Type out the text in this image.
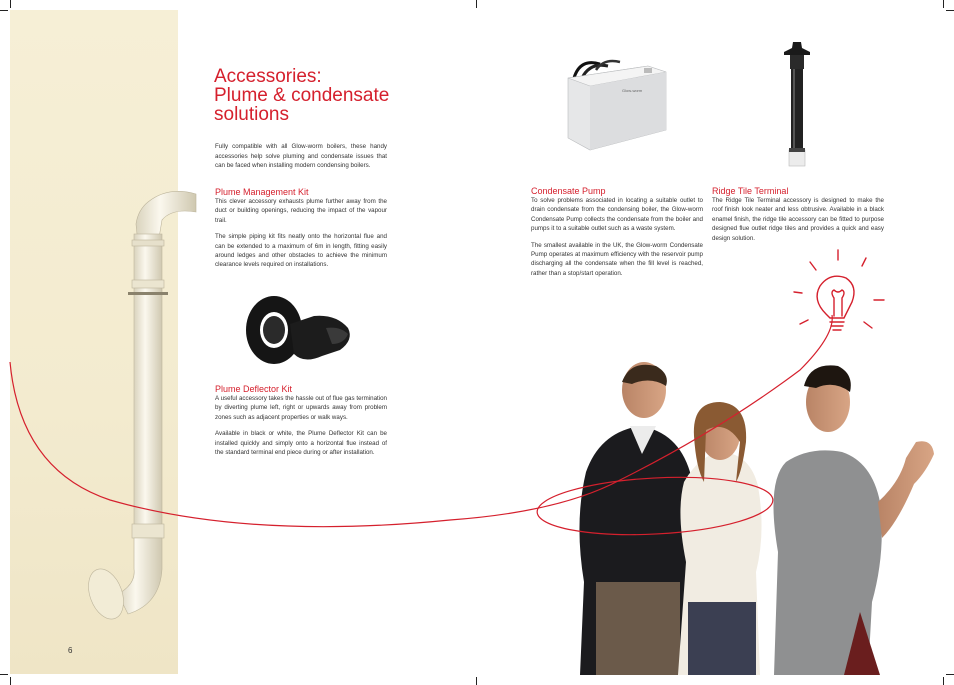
Accessories:
Plume & condensate
solutions

Fully compatible with all Glow-worm boilers, these handy accessories help solve pluming and condensate issues that can be faced when installing modern condensing boilers.

Plume Management Kit

This clever accessory exhausts plume further away from the duct or building openings, reducing the impact of the vapour trail.

The simple piping kit fits neatly onto the horizontal flue and can be extended to a maximum of 6m in length, fitting easily around ledges and other obstacles to achieve the minimum clearance levels required on installations.

Plume Deflector Kit

A useful accessory takes the hassle out of flue gas termination by diverting plume left, right or upwards away from problem zones such as adjacent properties or walk ways.

Available in black or white, the Plume Deflector Kit can be installed quickly and simply onto a horizontal flue instead of the standard terminal end piece during or after installation.

Glow-worm
Condensate Pump

To solve problems associated in locating a suitable outlet to drain condensate from the condensing boiler, the Glow-worm Condensate Pump collects the condensate from the boiler and pumps it to a suitable outlet such as a waste system.

The smallest available in the UK, the Glow-worm Condensate Pump operates at maximum efficiency with the reservoir pump discharging all the condensate when the fill level is reached, rather than a stop/start operation.

Ridge Tile Terminal

The Ridge Tile Terminal accessory is designed to make the roof finish look neater and less obtrusive. Available in a black enamel finish, the ridge tile accessory can be fitted to purpose designed flue outlet ridge tiles and provides a quick and easy design solution.

6
